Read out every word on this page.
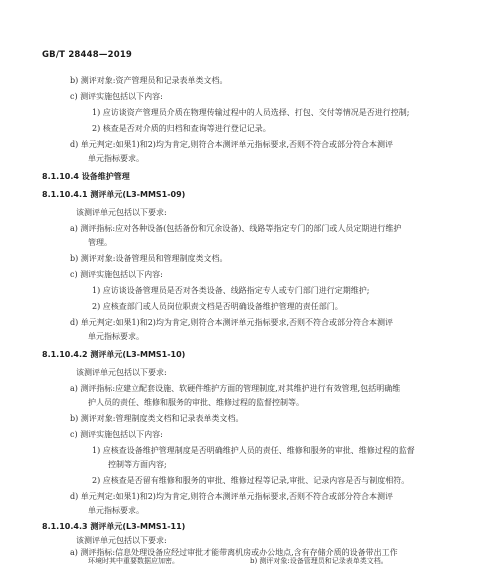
GB/T 28448—2019
b) 测评对象:资产管理员和记录表单类文档。
c) 测评实施包括以下内容:
1) 应访谈资产管理员介质在物理传输过程中的人员选择、打包、交付等情况是否进行控制;
2) 核查是否对介质的归档和查询等进行登记记录。
d) 单元判定:如果1)和2)均为肯定,则符合本测评单元指标要求,否则不符合或部分符合本测评
单元指标要求。
8.1.10.4 设备维护管理
8.1.10.4.1 测评单元(L3-MMS1-09)
该测评单元包括以下要求:
a) 测评指标:应对各种设备(包括备份和冗余设备)、线路等指定专门的部门或人员定期进行维护
管理。
b) 测评对象:设备管理员和管理制度类文档。
c) 测评实施包括以下内容:
1) 应访谈设备管理员是否对各类设备、线路指定专人或专门部门进行定期维护;
2) 应核查部门或人员岗位职责文档是否明确设备维护管理的责任部门。
d) 单元判定:如果1)和2)均为肯定,则符合本测评单元指标要求,否则不符合或部分符合本测评
单元指标要求。
8.1.10.4.2 测评单元(L3-MMS1-10)
该测评单元包括以下要求:
a) 测评指标:应建立配套设施、软硬件维护方面的管理制度,对其维护进行有效管理,包括明确维
护人员的责任、维修和服务的审批、维修过程的监督控制等。
b) 测评对象:管理制度类文档和记录表单类文档。
c) 测评实施包括以下内容:
1) 应核查设备维护管理制度是否明确维护人员的责任、维修和服务的审批、维修过程的监督
控制等方面内容;
2) 应核查是否留有维修和服务的审批、维修过程等记录,审批、记录内容是否与制度相符。
d) 单元判定:如果1)和2)均为肯定,则符合本测评单元指标要求,否则不符合或部分符合本测评
单元指标要求。
8.1.10.4.3 测评单元(L3-MMS1-11)
该测评单元包括以下要求:
a) 测评指标:信息处理设备应经过审批才能带离机房或办公地点,含有存储介质的设备带出工作
环境时其中重要数据应加密。	b) 测评对象:设备管理员和记录表单类文档。
